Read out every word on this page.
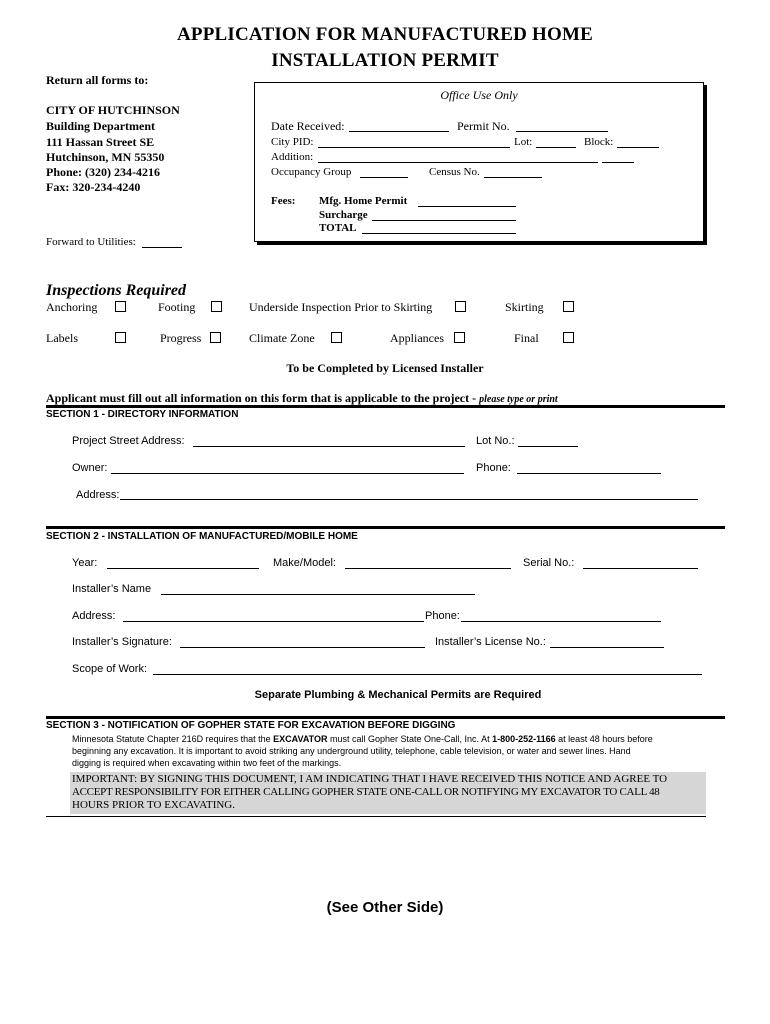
APPLICATION FOR MANUFACTURED HOME
INSTALLATION PERMIT
Return all forms to:
CITY OF HUTCHINSON
Building Department
111 Hassan Street SE
Hutchinson, MN 55350
Phone: (320) 234-4216
Fax: 320-234-4240
Office Use Only
Date Received:	Permit No.
City PID:	Lot:	Block:
Addition:
Occupancy Group	Census No.
Fees: Mfg. Home Permit
Surcharge
TOTAL
Forward to Utilities:
Inspections Required
Anchoring	Footing	Underside Inspection Prior to Skirting	Skirting
Labels	Progress	Climate Zone	Appliances	Final
To be Completed by Licensed Installer
Applicant must fill out all information on this form that is applicable to the project - please type or print
SECTION 1 - DIRECTORY INFORMATION
Project Street Address:	Lot No.:
Owner:	Phone:
Address:
SECTION 2 - INSTALLATION OF MANUFACTURED/MOBILE HOME
Year:	Make/Model:	Serial No.:
Installer’s Name
Address:	Phone:
Installer’s Signature:	Installer’s License No.:
Scope of Work:
Separate Plumbing & Mechanical Permits are Required
SECTION 3 - NOTIFICATION OF GOPHER STATE FOR EXCAVATION BEFORE DIGGING
Minnesota Statute Chapter 216D requires that the EXCAVATOR must call Gopher State One-Call, Inc. At 1-800-252-1166 at least 48 hours before
beginning any excavation. It is important to avoid striking any underground utility, telephone, cable television, or water and sewer lines. Hand
digging is required when excavating within two feet of the markings.
IMPORTANT: BY SIGNING THIS DOCUMENT, I AM INDICATING THAT I HAVE RECEIVED THIS NOTICE AND AGREE TO
ACCEPT RESPONSIBILITY FOR EITHER CALLING GOPHER STATE ONE-CALL OR NOTIFYING MY EXCAVATOR TO CALL 48
HOURS PRIOR TO EXCAVATING.
(See Other Side)
